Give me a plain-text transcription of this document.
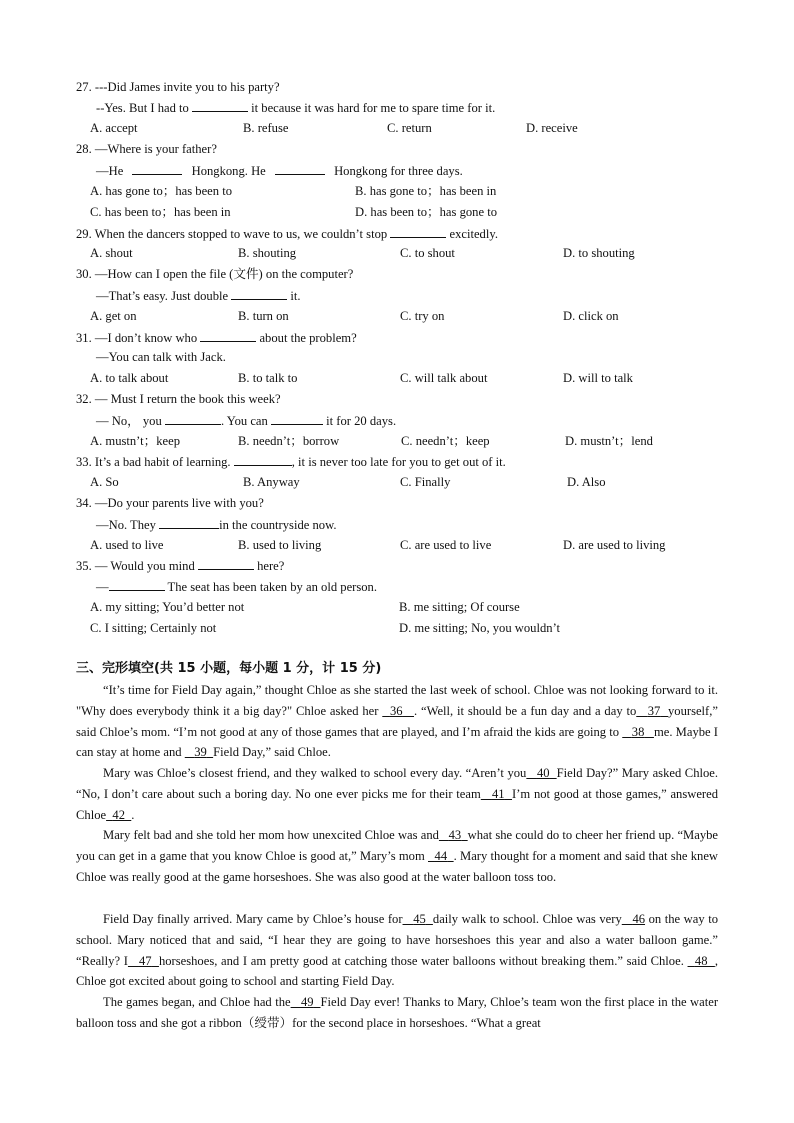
27. ---Did James invite you to his party?
--Yes. But I had to	it because it was hard for me to spare time for it.
A. accept	B. refuse	C. return	D. receive
28. —Where is your father?
—He	Hongkong. He	Hongkong for three days.
A. has gone to；has been to	B. has gone to；has been in
C. has been to；has been in	D. has been to；has gone to
29. When the dancers stopped to wave to us, we couldn’t stop	excitedly.
A. shout	B. shouting	C. to shout	D. to shouting
30. —How can I open the file (文件) on the computer?
—That’s easy. Just double	it.
A. get on	B. turn on	C. try on	D. click on
31. —I don’t know who	about the problem?
—You can talk with Jack.
A. to talk about	B. to talk to	C. will talk about	D. will to talk
32. — Must I return the book this week?
— No， you	. You can	it for 20 days.
A. mustn’t；keep	B. needn’t；borrow	C. needn’t；keep	D. mustn’t；lend
33. It’s a bad habit of learning.	, it is never too late for you to get out of it.
A. So	B. Anyway	C. Finally	D. Also
34. —Do your parents live with you?
—No. They	in the countryside now.
A. used to live	B. used to living	C. are used to live	D. are used to living
35. — Would you mind	here?
—	The seat has been taken by an old person.
A. my sitting; You’d better not	B. me sitting; Of course
C. I sitting; Certainly not	D. me sitting; No, you wouldn’t
三、完形填空(共 15 小题，每小题 1 分，计 15 分)
“It’s time for Field Day again,” thought Chloe as she started the last week of school. Chloe was not looking forward to it. "Why does everybody think it a big day?" Chloe asked her   36 . “Well, it should be a fun day and a day to 37 yourself,” said Chloe’s mom. “I’m not good at any of those games that are played, and I’m afraid the kids are going to    38 me. Maybe I can stay at home and    39 Field Day,” said Chloe.
Mary was Chloe’s closest friend, and they walked to school every day. “Aren’t you 40 Field Day?” Mary asked Chloe. “No, I don’t care about such a boring day. No one ever picks me for their team 41 I’m not good at those games,” answered Chloe 42 .
Mary felt bad and she told her mom how unexcited Chloe was and 43 what she could do to cheer her friend up. “Maybe you can get in a game that you know Chloe is good at,” Mary’s mom   44 . Mary thought for a moment and said that she knew Chloe was really good at the game horseshoes. She was also good at the water balloon toss too.
Field Day finally arrived. Mary came by Chloe’s house for 45 daily walk to school. Chloe was very 46 on the way to school. Mary noticed that and said, “I hear they are going to have horseshoes this year and also a water balloon game.” “Really? I 47 horseshoes, and I am pretty good at catching those water balloons without breaking them.” said Chloe.   48 , Chloe got excited about going to school and starting Field Day.
The games began, and Chloe had the 49 Field Day ever! Thanks to Mary, Chloe’s team won the first place in the water balloon toss and she got a ribbon（绶带）for the second place in horseshoes. “What a great
